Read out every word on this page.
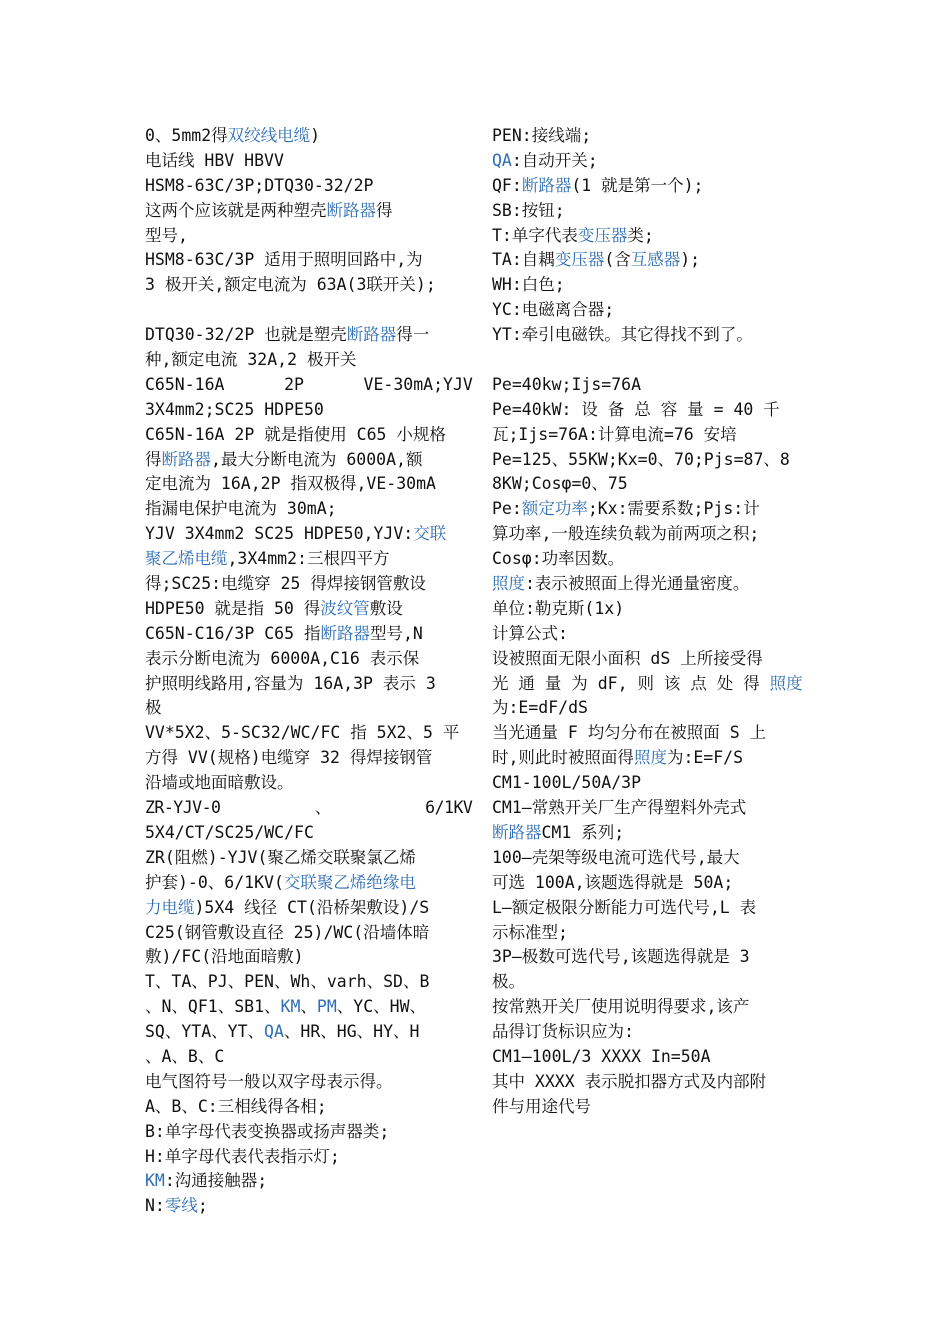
0、5mm2得双绞线电缆)
电话线 HBV HBVV
HSM8-63C/3P;DTQ30-32/2P
这两个应该就是两种塑壳断路器得
型号,
HSM8-63C/3P 适用于照明回路中,为
3 极开关,额定电流为 63A(3联开关);
DTQ30-32/2P 也就是塑壳断路器得一
种,额定电流 32A,2 极开关
C65N-16A      2P      VE-30mA;YJV
3X4mm2;SC25 HDPE50
C65N-16A 2P 就是指使用 C65 小规格
得断路器,最大分断电流为 6000A,额
定电流为 16A,2P 指双极得,VE-30mA
指漏电保护电流为 30mA;
YJV 3X4mm2 SC25 HDPE50,YJV:交联
聚乙烯电缆,3X4mm2:三根四平方
得;SC25:电缆穿 25 得焊接钢管敷设
HDPE50 就是指 50 得波纹管敷设
C65N-C16/3P C65 指断路器型号,N
表示分断电流为 6000A,C16 表示保
护照明线路用,容量为 16A,3P 表示 3
极
VV*5X2、5-SC32/WC/FC 指 5X2、5 平
方得 VV(规格)电缆穿 32 得焊接钢管
沿墙或地面暗敷设。
ZR-YJV-0          、          6/1KV
5X4/CT/SC25/WC/FC
ZR(阻燃)-YJV(聚乙烯交联聚氯乙烯
护套)-0、6/1KV(交联聚乙烯绝缘电
力电缆)5X4 线径 CT(沿桥架敷设)/S
C25(钢管敷设直径 25)/WC(沿墙体暗
敷)/FC(沿地面暗敷)
T、TA、PJ、PEN、Wh、varh、SD、B
、N、QF1、SB1、KM、PM、YC、HW、
SQ、YTA、YT、QA、HR、HG、HY、H
、A、B、C
电气图符号一般以双字母表示得。
A、B、C:三相线得各相;
B:单字母代表变换器或扬声器类;
H:单字母代表代表指示灯;
KM:沟通接触器;
N:零线;
PEN:接线端;
QA:自动开关;
QF:断路器(1 就是第一个);
SB:按钮;
T:单字代表变压器类;
TA:自耦变压器(含互感器);
WH:白色;
YC:电磁离合器;
YT:牵引电磁铁。其它得找不到了。
Pe=40kw;Ijs=76A
Pe=40kW: 设 备 总 容 量 = 40 千
瓦;Ijs=76A:计算电流=76 安培
Pe=125、55KW;Kx=0、70;Pjs=87、8
8KW;Cosφ=0、75
Pe:额定功率;Kx:需要系数;Pjs:计
算功率,一般连续负载为前两项之积;
Cosφ:功率因数。
照度:表示被照面上得光通量密度。
单位:勒克斯(1x)
计算公式:
设被照面无限小面积 dS 上所接受得
光 通 量 为 dF, 则 该 点 处 得 照度
为:E=dF/dS
当光通量 F 均匀分布在被照面 S 上
时,则此时被照面得照度为:E=F/S
CM1-100L/50A/3P
CM1—常熟开关厂生产得塑料外壳式
断路器CM1 系列;
100—壳架等级电流可选代号,最大
可选 100A,该题选得就是 50A;
L—额定极限分断能力可选代号,L 表
示标准型;
3P—极数可选代号,该题选得就是 3
极。
按常熟开关厂使用说明得要求,该产
品得订货标识应为:
CM1—100L/3 XXXX In=50A
其中 XXXX 表示脱扣器方式及内部附
件与用途代号
